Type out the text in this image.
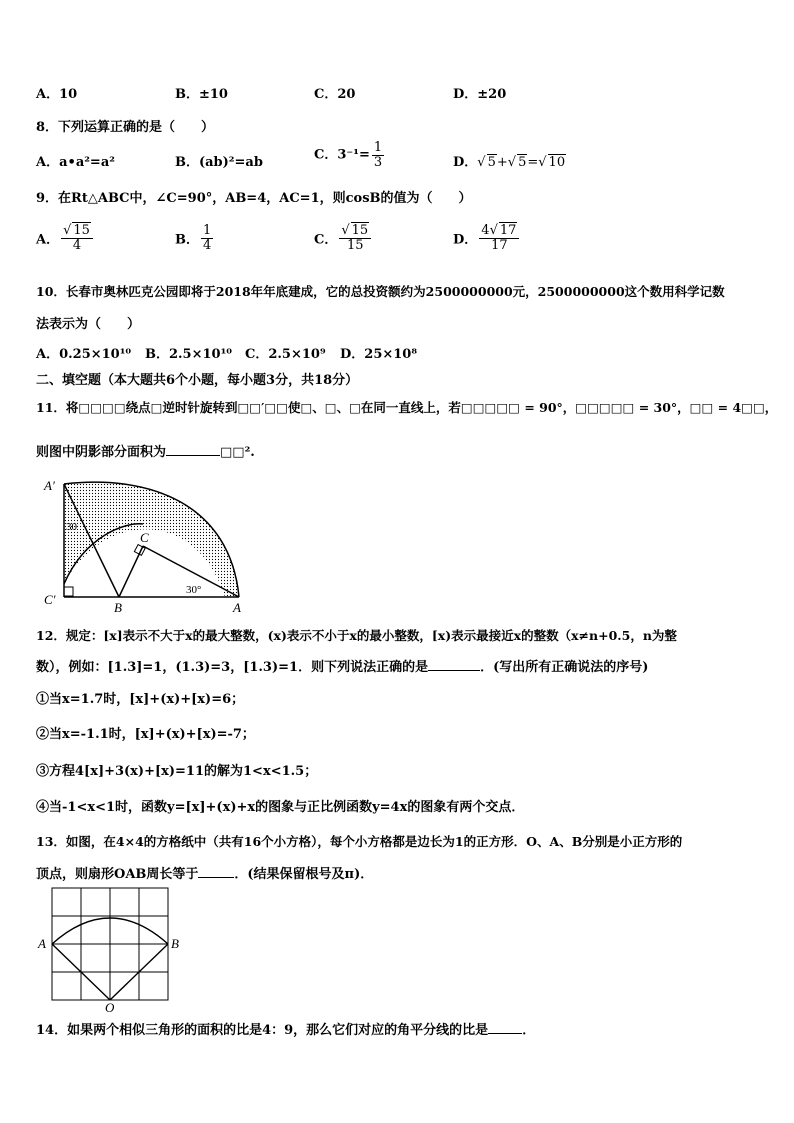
A．10	B．±10	C．20	D．±20
8．下列运算正确的是（　　）
A．a•a²=a²	B．(ab)²=ab	C．$3^{-1}= \frac{1}{3}$	D．√ 5+√ 5=√ 10
9．在Rt△ABC中，∠C=90°，AB=4，AC=1，则cosB的值为（　　）
A． $\frac{√ 15}{4}$	B． $\frac{1}{4}$	C． $\frac{√ 15}{15}$	D． $\frac{4√ 17}{17}$
10．长春市奥林匹克公园即将于2018年年底建成，它的总投资额约为2500000000元，2500000000这个数用科学记数
法表示为（　　）
A．0.25×10¹⁰ B．2.5×10¹⁰ C．2.5×10⁹ D．25×10⁸
二、填空题（本大题共6个小题，每小题3分，共18分）
11．将□□□□绕点□逆时针旋转到□□′□□使□、□、□在同一直线上，若□□□□□ = 90°，□□□□□ = 30°，□□ = 4□□，
则图中阴影部分面积为	□□².
A′
C′
B	A
C
30
30°
12．规定：[x]表示不大于x的最大整数，(x)表示不小于x的最小整数，[x)表示最接近x的整数（x≠n+0.5，n为整
数），例如：[1.3]=1，(1.3)=3，[1.3)=1．则下列说法正确的是	．(写出所有正确说法的序号)
①当x=1.7时，[x]+(x)+[x)=6；
②当x=-1.1时，[x]+(x)+[x)=-7；
③方程4[x]+3(x)+[x)=11的解为1<x<1.5；
④当-1<x<1时，函数y=[x]+(x)+x的图象与正比例函数y=4x的图象有两个交点．
13．如图，在4×4的方格纸中（共有16个小方格），每个小方格都是边长为1的正方形．O、A、B分别是小正方形的
顶点，则扇形OAB周长等于	．(结果保留根号及π)．
A	B
O
14．如果两个相似三角形的面积的比是4：9，那么它们对应的角平分线的比是	．
